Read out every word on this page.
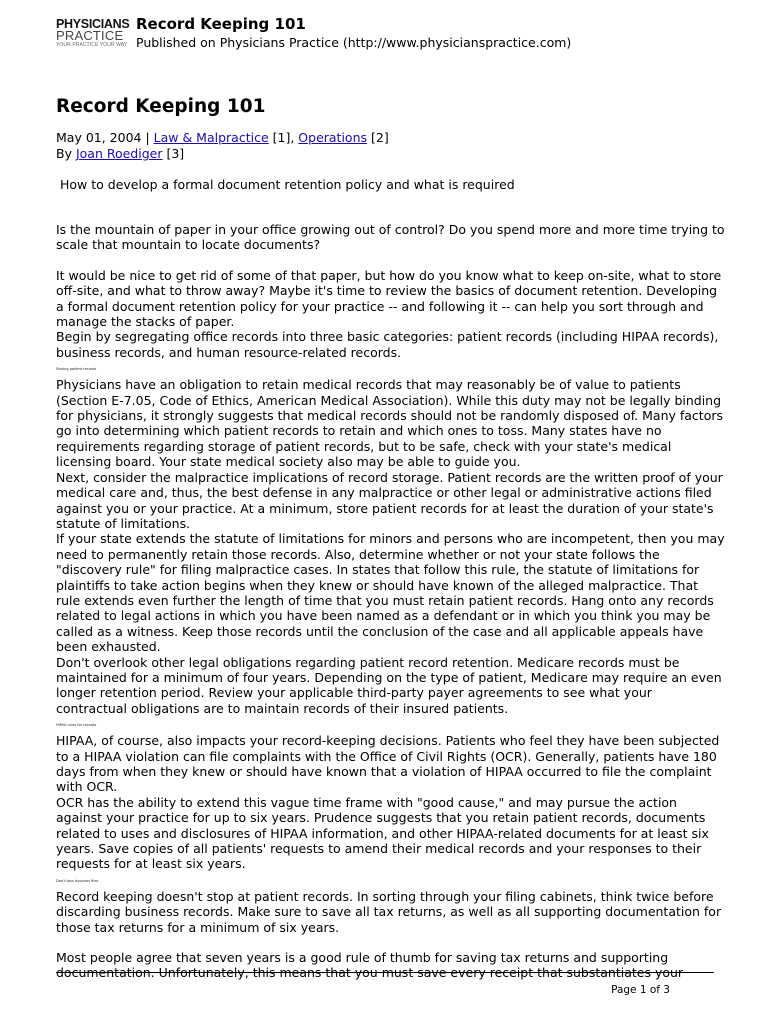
PHYSICIANS
PRACTICE
YOUR PRACTICE YOUR WAY
Record Keeping 101
Published on Physicians Practice (http://www.physicianspractice.com)
Record Keeping 101
May 01, 2004 | Law & Malpractice [1], Operations [2]
By Joan Roediger [3]
How to develop a formal document retention policy and what is required

Is the mountain of paper in your office growing out of control? Do you spend more and more time trying to scale that mountain to locate documents?

It would be nice to get rid of some of that paper, but how do you know what to keep on-site, what to store off-site, and what to throw away? Maybe it's time to review the basics of document retention. Developing a formal document retention policy for your practice -- and following it -- can help you sort through and manage the stacks of paper.

Begin by segregating office records into three basic categories: patient records (including HIPAA records), business records, and human resource-related records.

Storing patient records

Physicians have an obligation to retain medical records that may reasonably be of value to patients (Section E-7.05, Code of Ethics, American Medical Association). While this duty may not be legally binding for physicians, it strongly suggests that medical records should not be randomly disposed of. Many factors go into determining which patient records to retain and which ones to toss. Many states have no requirements regarding storage of patient records, but to be safe, check with your state's medical licensing board. Your state medical society also may be able to guide you.

Next, consider the malpractice implications of record storage. Patient records are the written proof of your medical care and, thus, the best defense in any malpractice or other legal or administrative actions filed against you or your practice. At a minimum, store patient records for at least the duration of your state's statute of limitations.

If your state extends the statute of limitations for minors and persons who are incompetent, then you may need to permanently retain those records. Also, determine whether or not your state follows the "discovery rule" for filing malpractice cases. In states that follow this rule, the statute of limitations for plaintiffs to take action begins when they knew or should have known of the alleged malpractice. That rule extends even further the length of time that you must retain patient records. Hang onto any records related to legal actions in which you have been named as a defendant or in which you think you may be called as a witness. Keep those records until the conclusion of the case and all applicable appeals have been exhausted.

Don't overlook other legal obligations regarding patient record retention. Medicare records must be maintained for a minimum of four years. Depending on the type of patient, Medicare may require an even longer retention period. Review your applicable third-party payer agreements to see what your contractual obligations are to maintain records of their insured patients.

HIPAA rules for records

HIPAA, of course, also impacts your record-keeping decisions. Patients who feel they have been subjected to a HIPAA violation can file complaints with the Office of Civil Rights (OCR). Generally, patients have 180 days from when they knew or should have known that a violation of HIPAA occurred to file the complaint with OCR.

OCR has the ability to extend this vague time frame with "good cause," and may pursue the action against your practice for up to six years. Prudence suggests that you retain patient records, documents related to uses and disclosures of HIPAA information, and other HIPAA-related documents for at least six years. Save copies of all patients' requests to amend their medical records and your responses to their requests for at least six years.

Don't toss business files

Record keeping doesn't stop at patient records. In sorting through your filing cabinets, think twice before discarding business records. Make sure to save all tax returns, as well as all supporting documentation for those tax returns for a minimum of six years.

Most people agree that seven years is a good rule of thumb for saving tax returns and supporting documentation. Unfortunately, this means that you must save every receipt that substantiates your

Page 1 of 3
